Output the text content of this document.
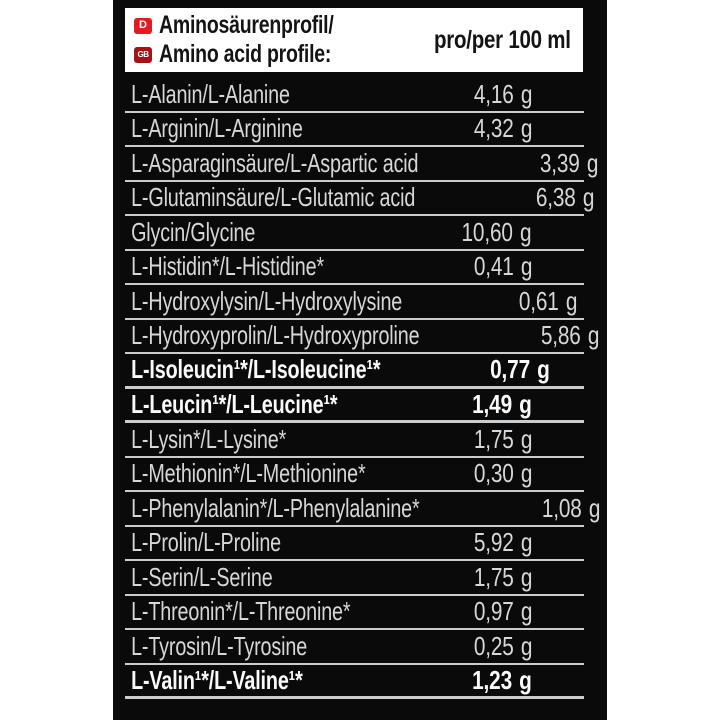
D
GB
Aminosäurenprofil/
Amino acid profile:
pro/per 100 ml
L-Alanin/L-Alanine	4,16 g
L-Arginin/L-Arginine	4,32 g
L-Asparaginsäure/L-Aspartic acid	3,39 g
L-Glutaminsäure/L-Glutamic acid	6,38 g
Glycin/Glycine	10,60 g
L-Histidin*/L-Histidine*	0,41 g
L-Hydroxylysin/L-Hydroxylysine	0,61 g
L-Hydroxyprolin/L-Hydroxyproline	5,86 g
L-Isoleucin¹*/L-Isoleucine¹*	0,77 g
L-Leucin¹*/L-Leucine¹*	1,49 g
L-Lysin*/L-Lysine*	1,75 g
L-Methionin*/L-Methionine*	0,30 g
L-Phenylalanin*/L-Phenylalanine*	1,08 g
L-Prolin/L-Proline	5,92 g
L-Serin/L-Serine	1,75 g
L-Threonin*/L-Threonine*	0,97 g
L-Tyrosin/L-Tyrosine	0,25 g
L-Valin¹*/L-Valine¹*	1,23 g
